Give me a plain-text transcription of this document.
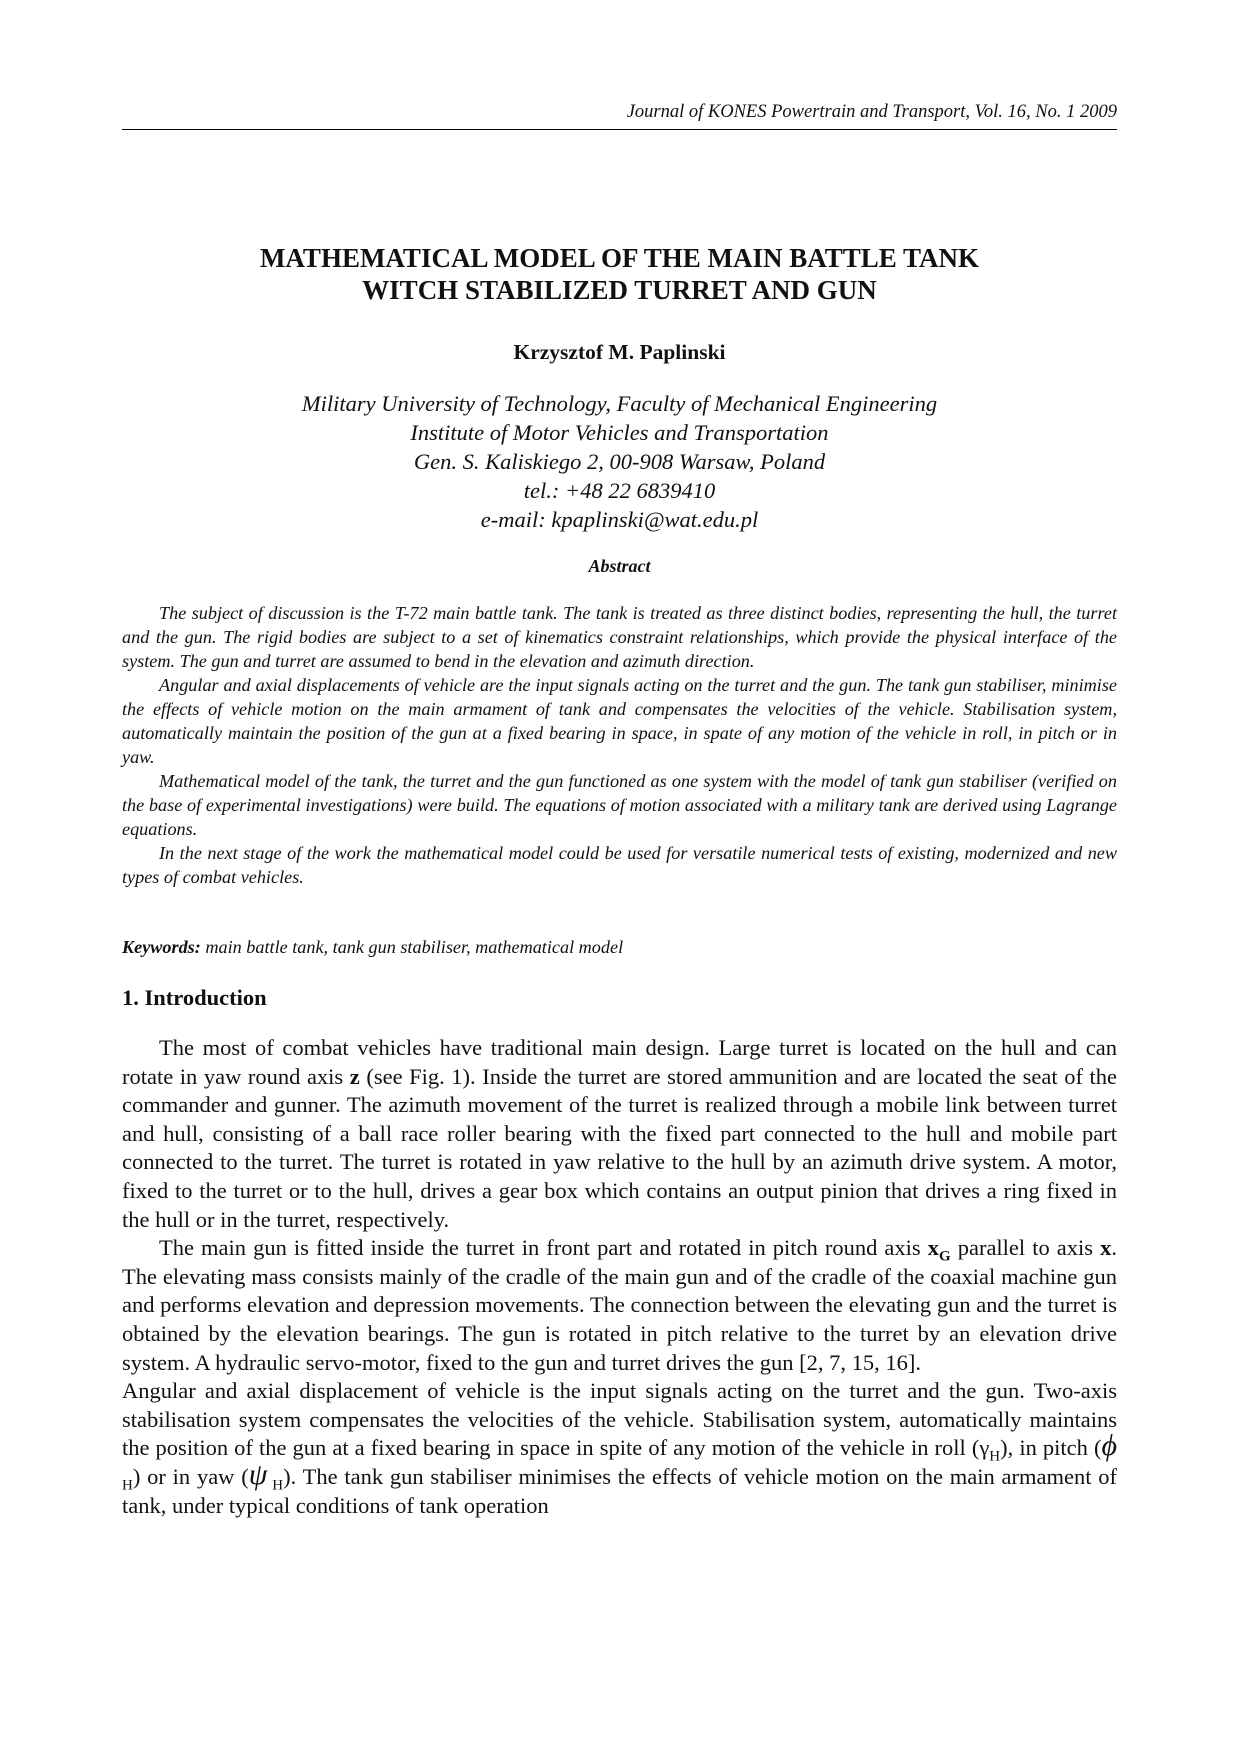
Journal of KONES Powertrain and Transport, Vol. 16, No. 1 2009
MATHEMATICAL MODEL OF THE MAIN BATTLE TANK
WITCH STABILIZED TURRET AND GUN
Krzysztof M. Paplinski
Military University of Technology, Faculty of Mechanical Engineering
Institute of Motor Vehicles and Transportation
Gen. S. Kaliskiego 2, 00-908 Warsaw, Poland
tel.: +48 22 6839410
e-mail: kpaplinski@wat.edu.pl
Abstract

The subject of discussion is the T-72 main battle tank. The tank is treated as three distinct bodies, representing the hull, the turret and the gun. The rigid bodies are subject to a set of kinematics constraint relationships, which provide the physical interface of the system. The gun and turret are assumed to bend in the elevation and azimuth direction.

Angular and axial displacements of vehicle are the input signals acting on the turret and the gun. The tank gun stabiliser, minimise the effects of vehicle motion on the main armament of tank and compensates the velocities of the vehicle. Stabilisation system, automatically maintain the position of the gun at a fixed bearing in space, in spate of any motion of the vehicle in roll, in pitch or in yaw.

Mathematical model of the tank, the turret and the gun functioned as one system with the model of tank gun stabiliser (verified on the base of experimental investigations) were build. The equations of motion associated with a military tank are derived using Lagrange equations.

In the next stage of the work the mathematical model could be used for versatile numerical tests of existing, modernized and new types of combat vehicles.

Keywords: main battle tank, tank gun stabiliser, mathematical model
1. Introduction

The most of combat vehicles have traditional main design. Large turret is located on the hull and can rotate in yaw round axis z (see Fig. 1). Inside the turret are stored ammunition and are located the seat of the commander and gunner. The azimuth movement of the turret is realized through a mobile link between turret and hull, consisting of a ball race roller bearing with the fixed part connected to the hull and mobile part connected to the turret. The turret is rotated in yaw relative to the hull by an azimuth drive system. A motor, fixed to the turret or to the hull, drives a gear box which contains an output pinion that drives a ring fixed in the hull or in the turret, respectively.

The main gun is fitted inside the turret in front part and rotated in pitch round axis $x_G$ parallel to axis x. The elevating mass consists mainly of the cradle of the main gun and of the cradle of the coaxial machine gun and performs elevation and depression movements. The connection between the elevating gun and the turret is obtained by the elevation bearings. The gun is rotated in pitch relative to the turret by an elevation drive system. A hydraulic servo-motor, fixed to the gun and turret drives the gun [2, 7, 15, 16].

Angular and axial displacement of vehicle is the input signals acting on the turret and the gun. Two-axis stabilisation system compensates the velocities of the vehicle. Stabilisation system, automatically maintains the position of the gun at a fixed bearing in space in spite of any motion of the vehicle in roll $(\gamma_H)$, in pitch (ϕ $_H$) or in yaw (ψ $_H$). The tank gun stabiliser minimises the effects of vehicle motion on the main armament of tank, under typical conditions of tank operation
